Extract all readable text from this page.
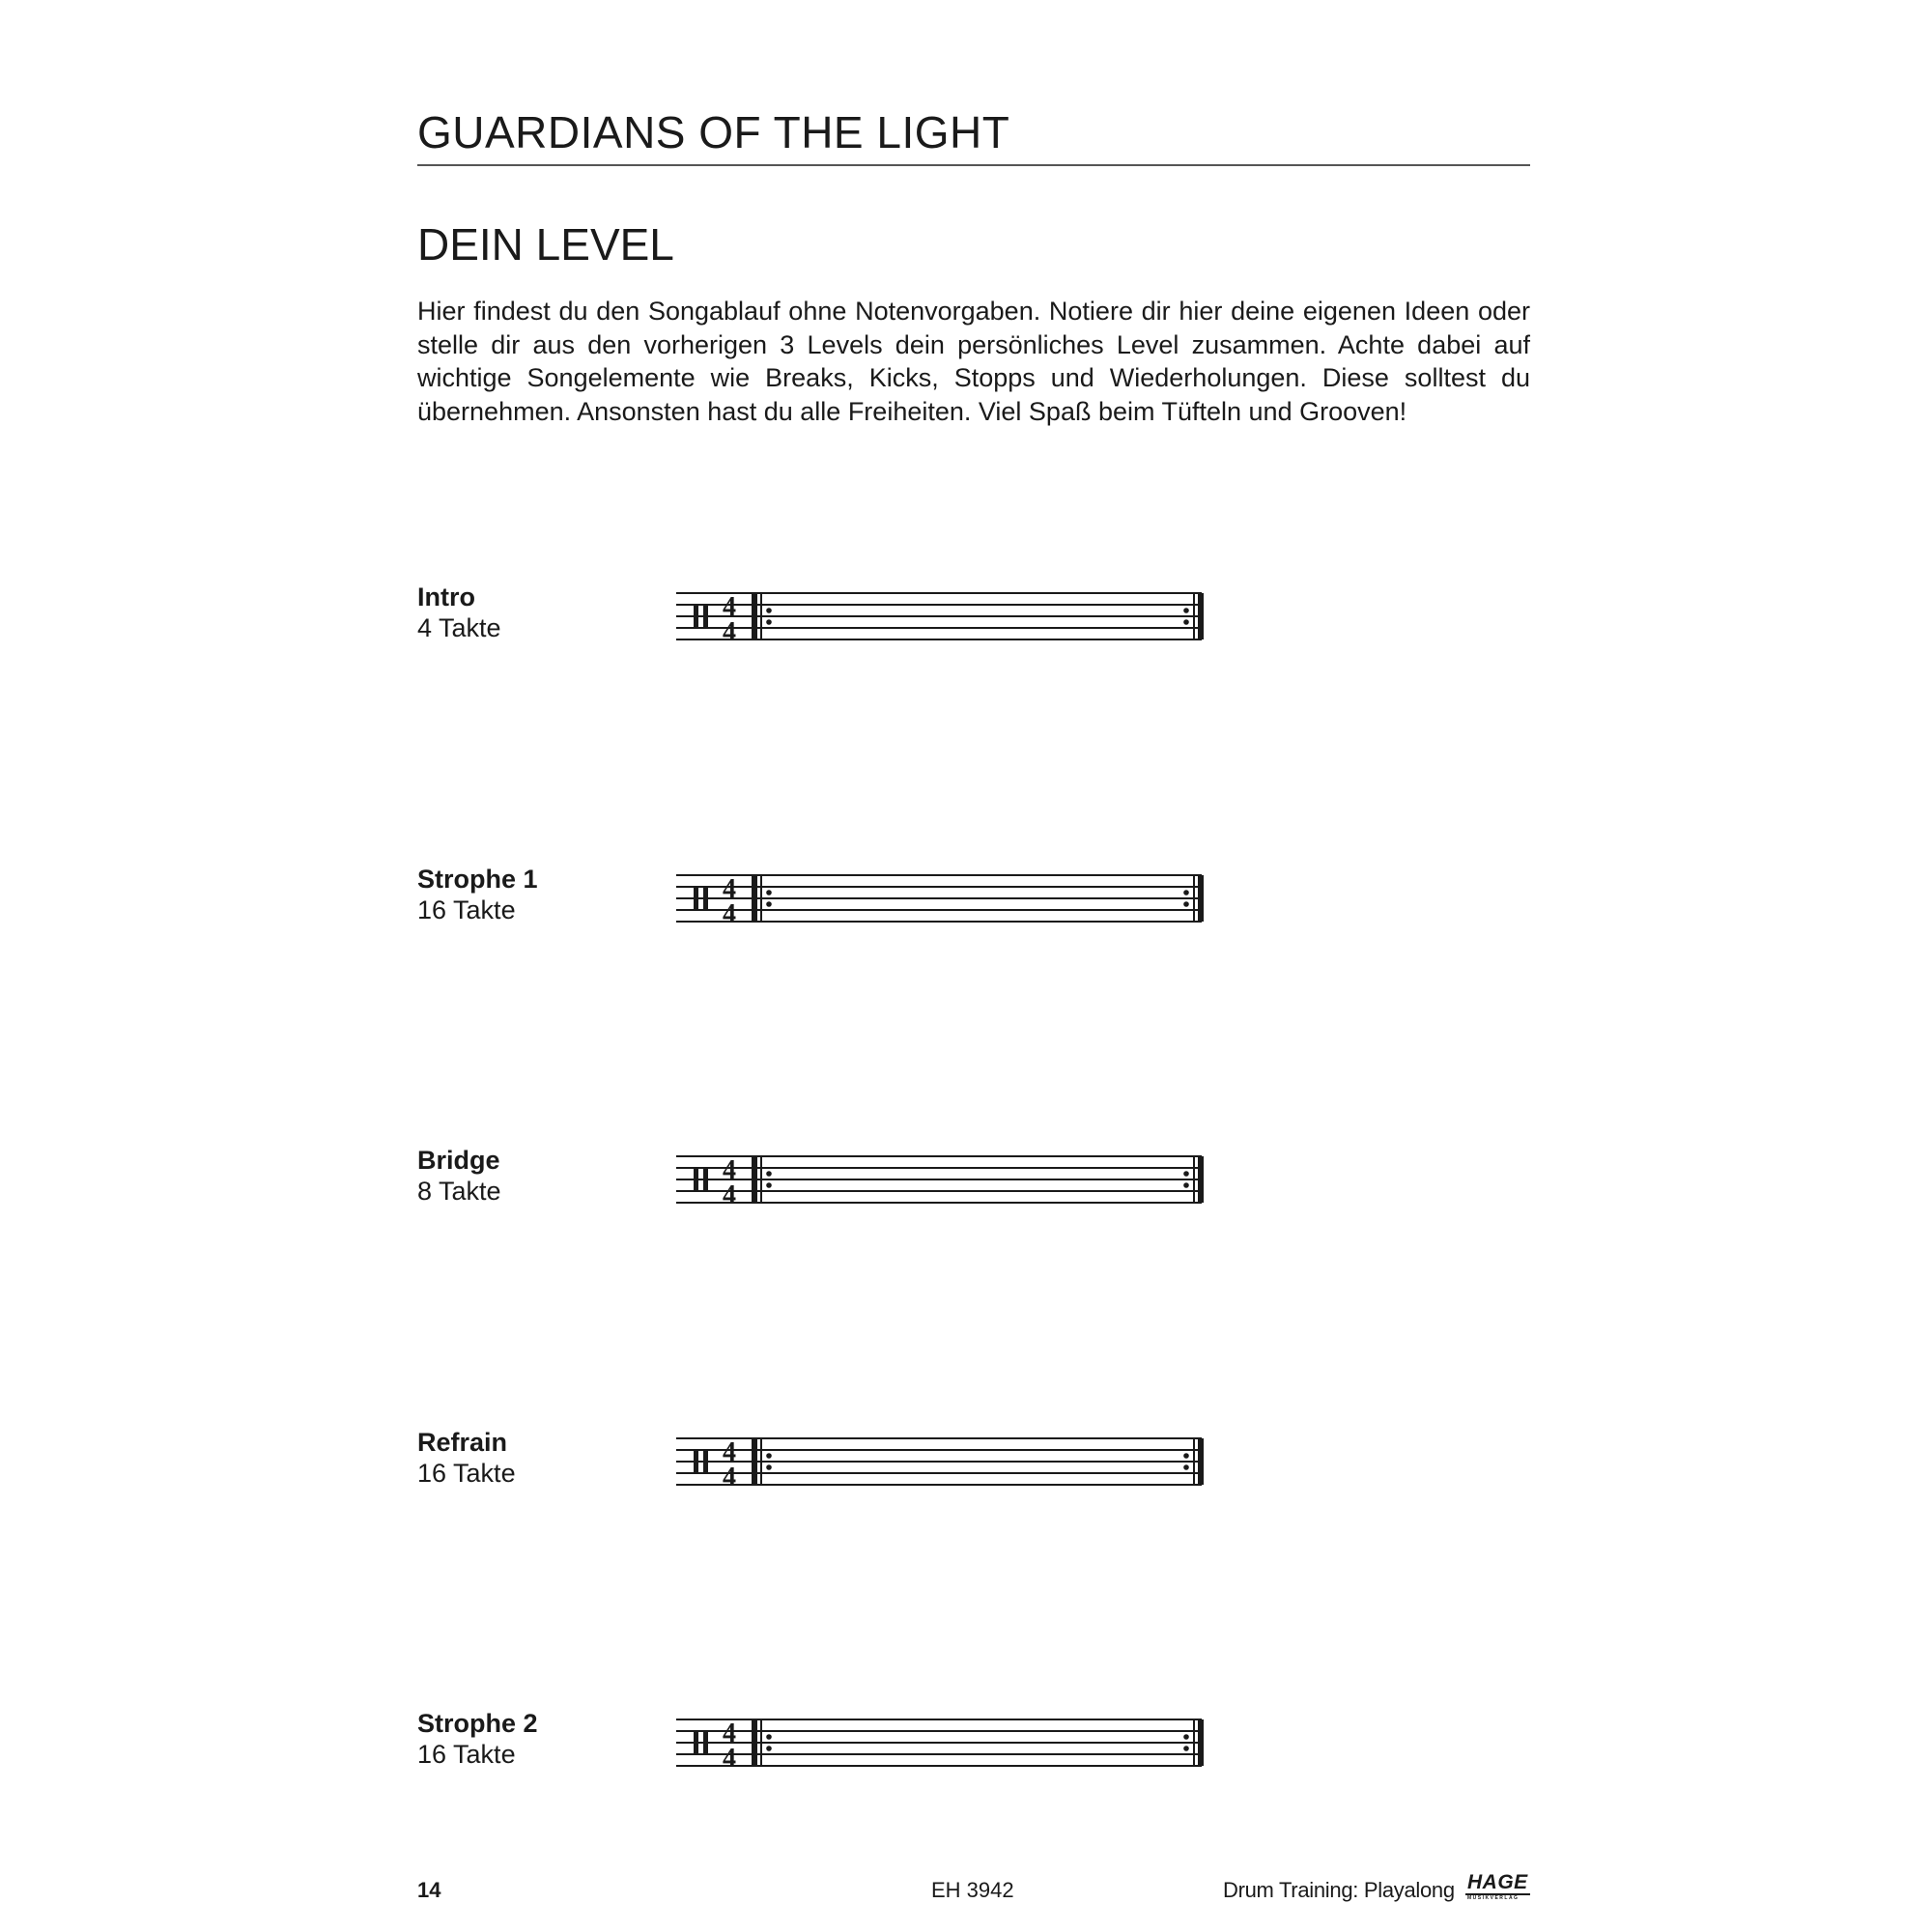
GUARDIANS OF THE LIGHT
DEIN LEVEL

Hier findest du den Songablauf ohne Notenvorgaben. Notiere dir hier deine eigenen Ideen oder stelle dir aus den vorherigen 3 Levels dein persönliches Level zusammen. Achte dabei auf wichtige Songelemente wie Breaks, Kicks, Stopps und Wiederholungen. Diese solltest du übernehmen. Ansonsten hast du alle Freiheiten. Viel Spaß beim Tüfteln und Grooven!

Intro
4 Takte
4
4
Strophe 1
16 Takte
4
4
Bridge
8 Takte
4
4
Refrain
16 Takte
4
4
Strophe 2
16 Takte
4
4
14	EH 3942	Drum Training: Playalong HAGE
MUSIKVERLAG
